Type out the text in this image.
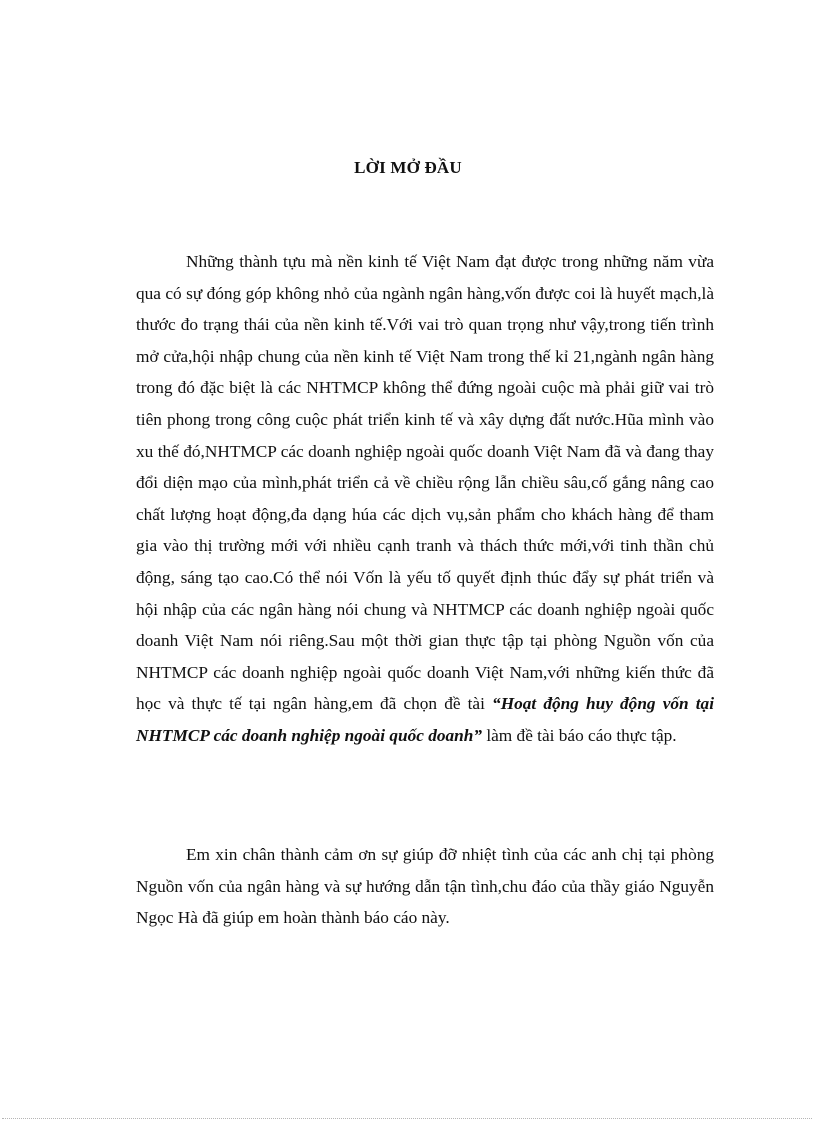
LỜI MỞ ĐẦU

Những thành tựu mà nền kinh tế Việt Nam đạt được trong những năm vừa qua có sự đóng góp không nhỏ của ngành ngân hàng,vốn được coi là huyết mạch,là thước đo trạng thái của nền kinh tế.Với vai trò quan trọng như vậy,trong tiến trình mở cửa,hội nhập chung của nền kinh tế Việt Nam trong thế kỉ 21,ngành ngân hàng trong đó đặc biệt là các NHTMCP không thể đứng ngoài cuộc mà phải giữ vai trò tiên phong trong công cuộc phát triển kinh tế và xây dựng đất nước.Hũa mình vào xu thế đó,NHTMCP các doanh nghiệp ngoài quốc doanh Việt Nam đã và đang thay đổi diện mạo của mình,phát triển cả về chiều rộng lẫn chiều sâu,cố gắng nâng cao chất lượng hoạt động,đa dạng húa các dịch vụ,sản phẩm cho khách hàng để tham gia vào thị trường mới với nhiều cạnh tranh và thách thức mới,với tinh thần chủ động, sáng tạo cao.Có thể nói Vốn là yếu tố quyết định thúc đẩy sự phát triển và hội nhập của các ngân hàng nói chung và NHTMCP các doanh nghiệp ngoài quốc doanh Việt Nam nói riêng.Sau một thời gian thực tập tại phòng Nguồn vốn của NHTMCP các doanh nghiệp ngoài quốc doanh Việt Nam,với những kiến thức đã học và thực tế tại ngân hàng,em đã chọn đề tài “Hoạt động huy động vốn tại NHTMCP các doanh nghiệp ngoài quốc doanh” làm đề tài báo cáo thực tập.

Em xin chân thành cảm ơn sự giúp đỡ nhiệt tình của các anh chị tại phòng Nguồn vốn của ngân hàng và sự hướng dẫn tận tình,chu đáo của thầy giáo Nguyễn Ngọc Hà đã giúp em hoàn thành báo cáo này.
